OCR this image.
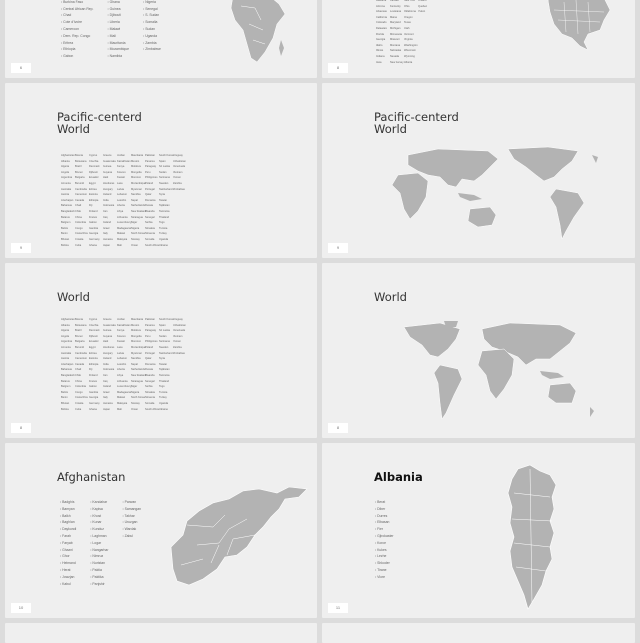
• Burkina Faso
• Central African Rep.
• Chad
• Cote d'Ivoire
• Cameroon
• Dem. Rep. Congo
• Eritrea
• Ethiopia
• Gabon
• Ghana
• Guinea
• Djibouti
• Liberia
• Malawi
• Mali
• Mauritania
• Mozambique
• Namibia
• Nigeria
• Senegal
• S. Sudan
• Somalia
• Sudan
• Uganda
• Zambia
• Zimbabwe
6
Alabama
Arizona
Arkansas
California
Colorado
Delaware
Florida
Georgia
Idaho
Illinois
Indiana
Iowa
Kansas
Kentucky
Louisiana
Maine
Maryland
Michigan
Minnesota
Missouri
Montana
Nebraska
Nevada
New Jersey
New York
Ohio
Oklahoma
Oregon
Texas
Utah
Vermont
Virginia
Washington
Wisconsin
Wyoming
Alberta
Ontario
Quebec
Yukon
8
Pacific-centerd
World
Afghanistan
Albania
Algeria
Angola
Argentina
Armenia
Australia
Austria
Azerbaijan
Bahamas
Bangladesh
Belarus
Belgium
Belize
Benin
Bhutan
Bolivia
Bosnia
Botswana
Brazil
Brunei
Bulgaria
Burundi
Cambodia
Cameroon
Canada
Chad
Chile
China
Colombia
Congo
Costa Rica
Croatia
Cuba
Cyprus
Czechia
Denmark
Djibouti
Ecuador
Egypt
Eritrea
Estonia
Ethiopia
Fiji
Finland
France
Gabon
Gambia
Georgia
Germany
Ghana
Greece
Guatemala
Guinea
Guyana
Haiti
Honduras
Hungary
Iceland
India
Indonesia
Iran
Iraq
Ireland
Israel
Italy
Jamaica
Japan
Jordan
Kazakhstan
Kenya
Kosovo
Kuwait
Laos
Latvia
Lebanon
Lesotho
Liberia
Libya
Lithuania
Luxembourg
Madagascar
Malawi
Malaysia
Mali
Mauritania
Mexico
Moldova
Mongolia
Morocco
Mozambique
Myanmar
Namibia
Nepal
Netherlands
New Zealand
Nicaragua
Niger
Nigeria
North Korea
Norway
Oman
Pakistan
Panama
Paraguay
Peru
Philippines
Poland
Portugal
Qatar
Romania
Russia
Rwanda
Senegal
Serbia
Slovakia
Slovenia
Somalia
South Africa
South Korea
Spain
Sri Lanka
Sudan
Suriname
Sweden
Switzerland
Syria
Taiwan
Tajikistan
Tanzania
Thailand
Togo
Tunisia
Turkey
Uganda
Ukraine
Uruguay
Uzbekistan
Venezuela
Vietnam
Yemen
Zambia
Zimbabwe
9
Pacific-centerd
World
9
World
Afghanistan
Albania
Algeria
Angola
Argentina
Armenia
Australia
Austria
Azerbaijan
Bahamas
Bangladesh
Belarus
Belgium
Belize
Benin
Bhutan
Bolivia
Bosnia
Botswana
Brazil
Brunei
Bulgaria
Burundi
Cambodia
Cameroon
Canada
Chad
Chile
China
Colombia
Congo
Costa Rica
Croatia
Cuba
Cyprus
Czechia
Denmark
Djibouti
Ecuador
Egypt
Eritrea
Estonia
Ethiopia
Fiji
Finland
France
Gabon
Gambia
Georgia
Germany
Ghana
Greece
Guatemala
Guinea
Guyana
Haiti
Honduras
Hungary
Iceland
India
Indonesia
Iran
Iraq
Ireland
Israel
Italy
Jamaica
Japan
Jordan
Kazakhstan
Kenya
Kosovo
Kuwait
Laos
Latvia
Lebanon
Lesotho
Liberia
Libya
Lithuania
Luxembourg
Madagascar
Malawi
Malaysia
Mali
Mauritania
Mexico
Moldova
Mongolia
Morocco
Mozambique
Myanmar
Namibia
Nepal
Netherlands
New Zealand
Nicaragua
Niger
Nigeria
North Korea
Norway
Oman
Pakistan
Panama
Paraguay
Peru
Philippines
Poland
Portugal
Qatar
Romania
Russia
Rwanda
Senegal
Serbia
Slovakia
Slovenia
Somalia
South Africa
South Korea
Spain
Sri Lanka
Sudan
Suriname
Sweden
Switzerland
Syria
Taiwan
Tajikistan
Tanzania
Thailand
Togo
Tunisia
Turkey
Uganda
Ukraine
Uruguay
Uzbekistan
Venezuela
Vietnam
Yemen
Zambia
Zimbabwe
8
World
8
Afghanistan
• Badghis
• Bamyan
• Balkh
• Baghlan
• Daykundi
• Farah
• Faryab
• Ghazni
• Ghor
• Helmand
• Herat
• Jowzjan
• Kabul
• Kandahar
• Kapisa
• Khost
• Kunar
• Kunduz
• Laghman
• Logar
• Nangarhar
• Nimruz
• Nuristan
• Paktia
• Paktika
• Panjshir
• Parwan
• Samangan
• Takhar
• Uruzgan
• Wardak
• Zabul
10
Albania
• Berat
• Diber
• Durres
• Elbasan
• Fier
• Gjirokaster
• Korce
• Kukes
• Lezhe
• Shkoder
• Tirane
• Vlore
11
